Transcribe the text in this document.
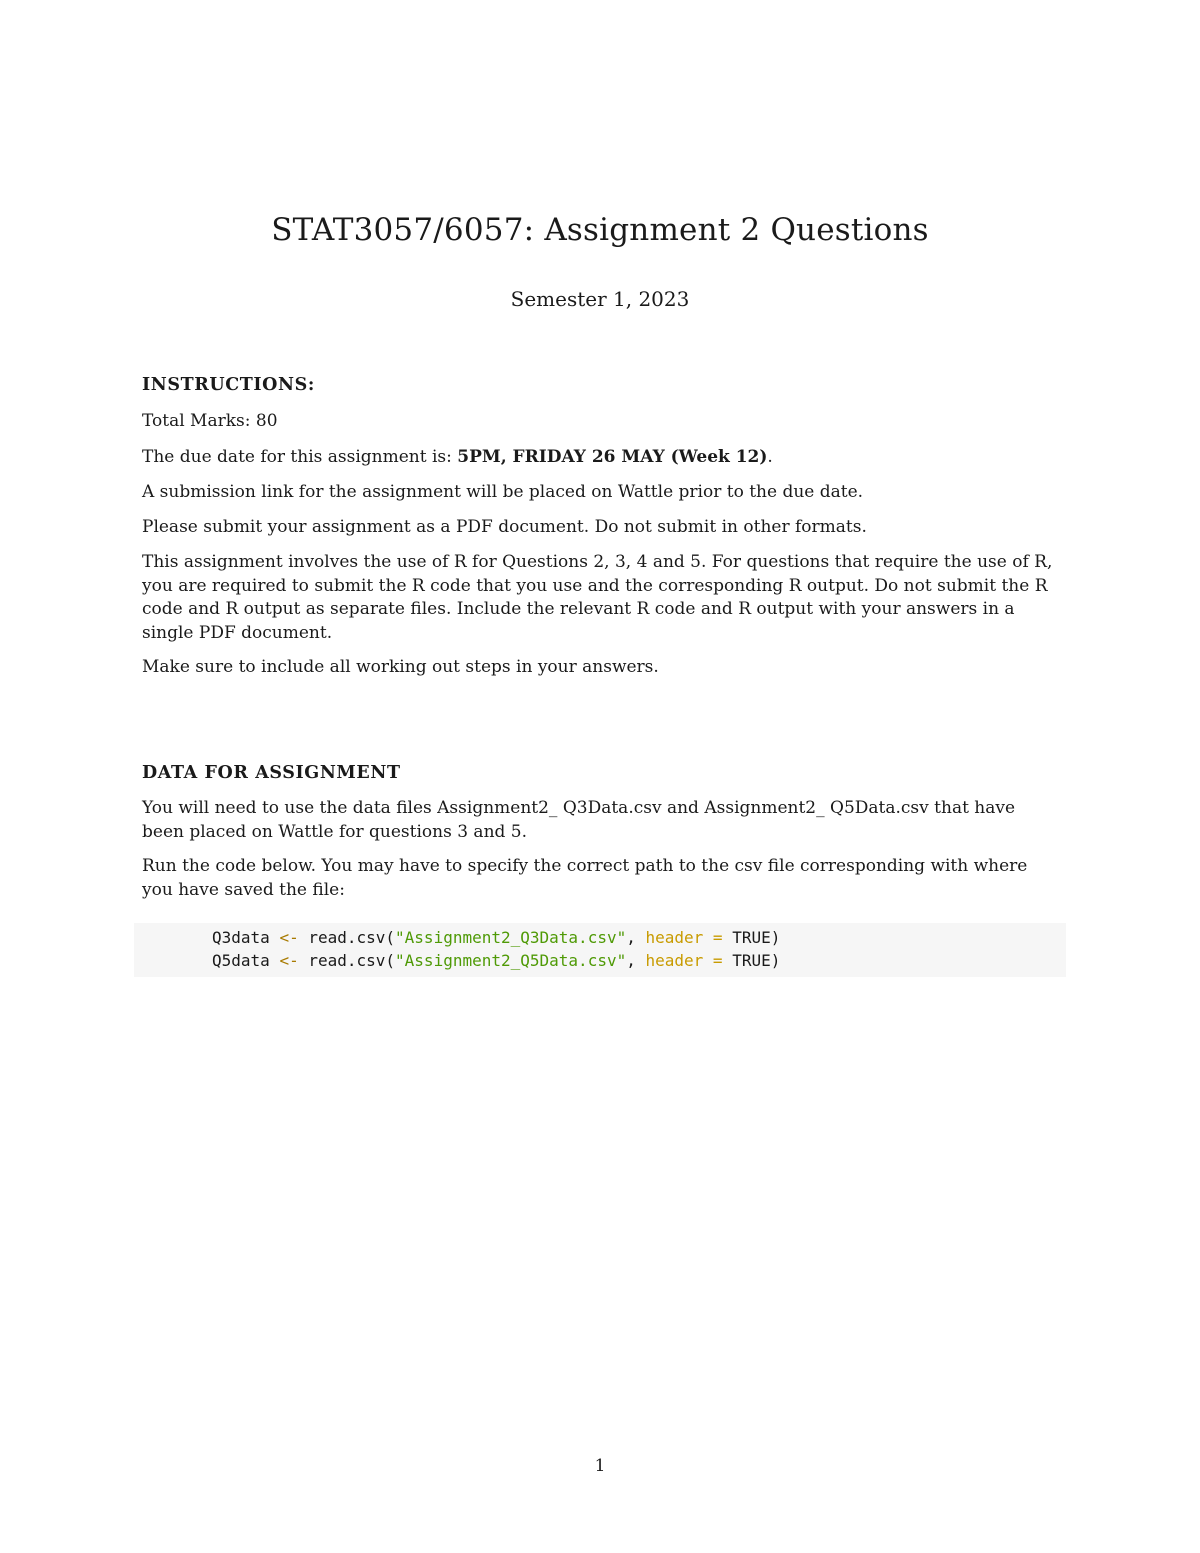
STAT3057/6057: Assignment 2 Questions
Semester 1, 2023

INSTRUCTIONS:

Total Marks: 80

The due date for this assignment is: 5PM, FRIDAY 26 MAY (Week 12).

A submission link for the assignment will be placed on Wattle prior to the due date.

Please submit your assignment as a PDF document. Do not submit in other formats.

This assignment involves the use of R for Questions 2, 3, 4 and 5. For questions that require the use of R, you are required to submit the R code that you use and the corresponding R output. Do not submit the R code and R output as separate files. Include the relevant R code and R output with your answers in a single PDF document.

Make sure to include all working out steps in your answers.

DATA FOR ASSIGNMENT

You will need to use the data files Assignment2_ Q3Data.csv and Assignment2_ Q5Data.csv that have been placed on Wattle for questions 3 and 5.

Run the code below. You may have to specify the correct path to the csv file corresponding with where you have saved the file:

Q3data <- read.csv("Assignment2_Q3Data.csv", header = TRUE)
Q5data <- read.csv("Assignment2_Q5Data.csv", header = TRUE)
1
